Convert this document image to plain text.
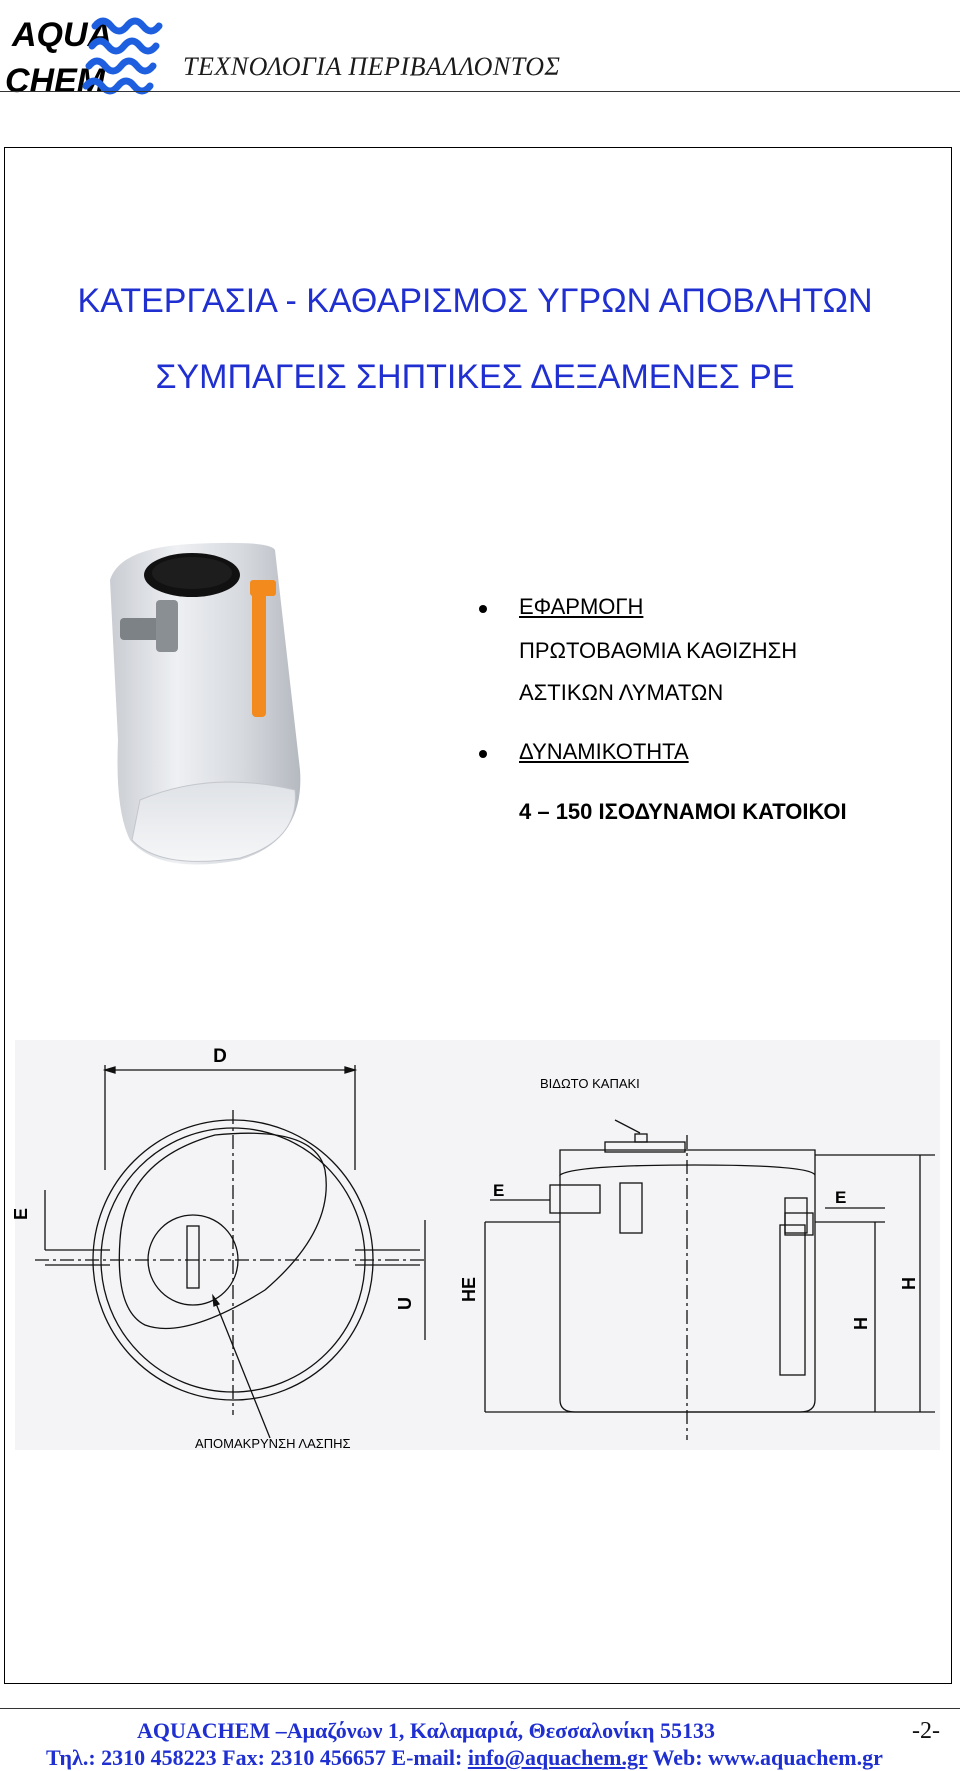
AQUA
CHEM	ΤΕΧΝΟΛΟΓΙΑ ΠΕΡΙΒΑΛΛΟΝΤΟΣ
ΚΑΤΕΡΓΑΣΙΑ - ΚΑΘΑΡΙΣΜΟΣ ΥΓΡΩΝ ΑΠΟΒΛΗΤΩΝ
ΣΥΜΠΑΓΕΙΣ ΣΗΠΤΙΚΕΣ ΔΕΞΑΜΕΝΕΣ PE
ΕΦΑΡΜΟΓΗ
ΠΡΩΤΟΒΑΘΜΙΑ ΚΑΘΙΖΗΣΗ
ΑΣΤΙΚΩΝ ΛΥΜΑΤΩΝ
ΔΥΝΑΜΙΚΟΤΗΤΑ
4 – 150 ΙΣΟΔΥΝΑΜΟΙ ΚΑΤΟΙΚΟΙ
D
E
U
HE
E	E
H
H
ΒΙΔΩΤΟ ΚΑΠΑΚΙ
ΑΠΟΜΑΚΡΥΝΣΗ ΛΑΣΠΗΣ
AQUACHEM –Αμαζόνων 1, Καλαμαριά, Θεσσαλονίκη 55133	-2-
Τηλ.: 2310 458223 Fax: 2310 456657 E-mail: info@aquachem.gr Web: www.aquachem.gr
